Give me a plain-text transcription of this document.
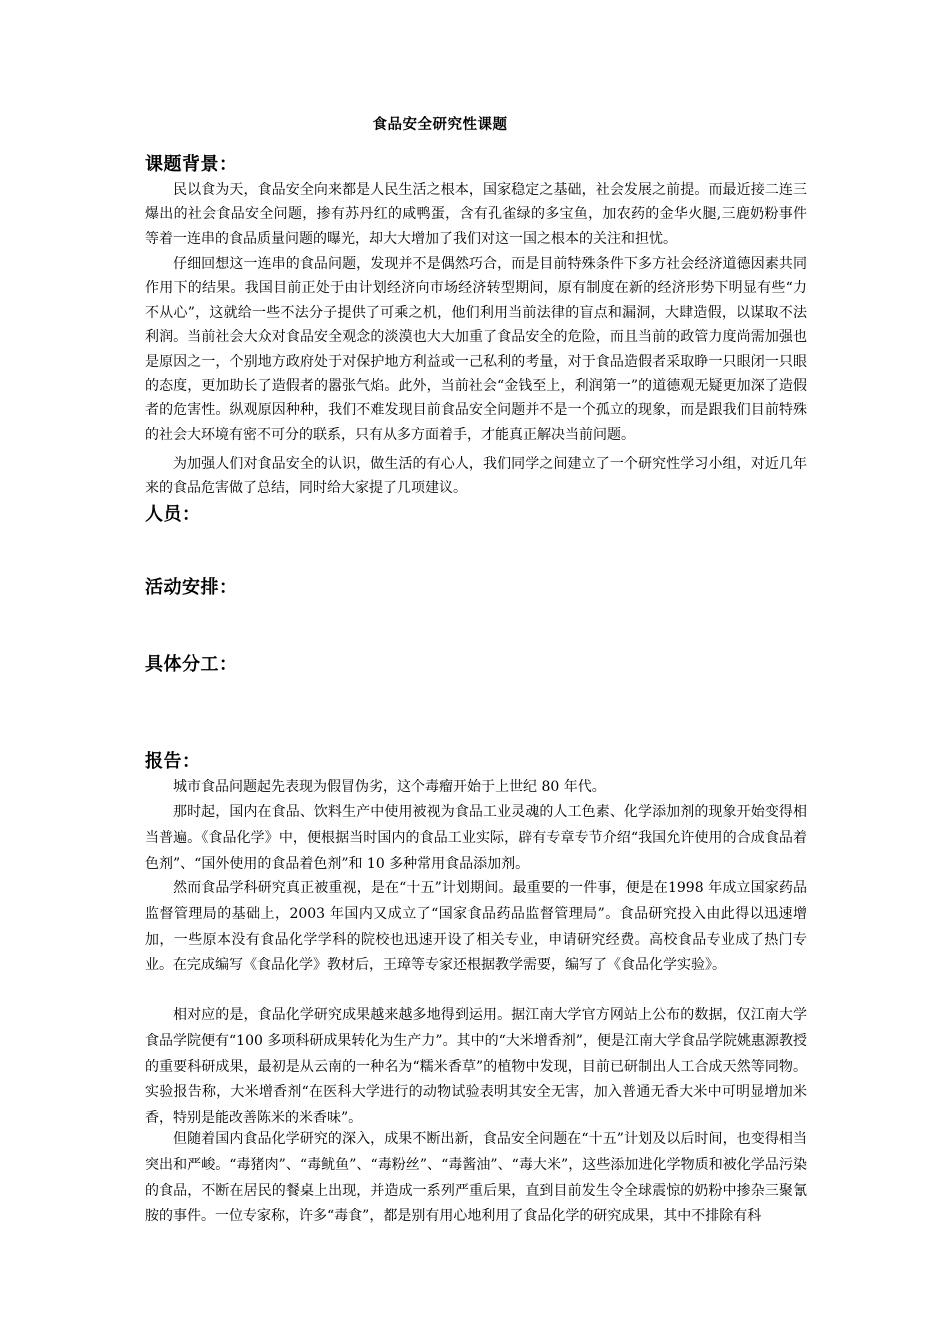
食品安全研究性课题
课题背景：

民以食为天，食品安全向来都是人民生活之根本，国家稳定之基础，社会发展之前提。而最近接二连三爆出的社会食品安全问题，掺有苏丹红的咸鸭蛋，含有孔雀绿的多宝鱼，加农药的金华火腿,三鹿奶粉事件等着一连串的食品质量问题的曝光，却大大增加了我们对这一国之根本的关注和担忧。

仔细回想这一连串的食品问题，发现并不是偶然巧合，而是目前特殊条件下多方社会经济道德因素共同作用下的结果。我国目前正处于由计划经济向市场经济转型期间，原有制度在新的经济形势下明显有些“力不从心”，这就给一些不法分子提供了可乘之机，他们利用当前法律的盲点和漏洞，大肆造假，以谋取不法利润。当前社会大众对食品安全观念的淡漠也大大加重了食品安全的危险，而且当前的政管力度尚需加强也是原因之一，个别地方政府处于对保护地方利益或一己私利的考量，对于食品造假者采取睁一只眼闭一只眼的态度，更加助长了造假者的嚣张气焰。此外，当前社会“金钱至上，利润第一”的道德观无疑更加深了造假者的危害性。纵观原因种种，我们不难发现目前食品安全问题并不是一个孤立的现象，而是跟我们目前特殊的社会大环境有密不可分的联系，只有从多方面着手，才能真正解决当前问题。

为加强人们对食品安全的认识，做生活的有心人，我们同学之间建立了一个研究性学习小组，对近几年来的食品危害做了总结，同时给大家提了几项建议。

人员：
活动安排：
具体分工：
报告：

城市食品问题起先表现为假冒伪劣，这个毒瘤开始于上世纪 80 年代。

那时起，国内在食品、饮料生产中使用被视为食品工业灵魂的人工色素、化学添加剂的现象开始变得相当普遍。《食品化学》中，便根据当时国内的食品工业实际，辟有专章专节介绍“我国允许使用的合成食品着色剂”、“国外使用的食品着色剂”和 10 多种常用食品添加剂。

然而食品学科研究真正被重视，是在“十五”计划期间。最重要的一件事，便是在1998 年成立国家药品监督管理局的基础上，2003 年国内又成立了“国家食品药品监督管理局”。食品研究投入由此得以迅速增加，一些原本没有食品化学学科的院校也迅速开设了相关专业，申请研究经费。高校食品专业成了热门专业。在完成编写《食品化学》教材后，王璋等专家还根据教学需要，编写了《食品化学实验》。

相对应的是，食品化学研究成果越来越多地得到运用。据江南大学官方网站上公布的数据，仅江南大学食品学院便有“100 多项科研成果转化为生产力”。其中的“大米增香剂”，便是江南大学食品学院姚惠源教授的重要科研成果，最初是从云南的一种名为“糯米香草”的植物中发现，目前已研制出人工合成天然等同物。实验报告称，大米增香剂“在医科大学进行的动物试验表明其安全无害，加入普通无香大米中可明显增加米香，特别是能改善陈米的米香味”。

但随着国内食品化学研究的深入，成果不断出新，食品安全问题在“十五”计划及以后时间，也变得相当突出和严峻。“毒猪肉”、“毒鱿鱼”、“毒粉丝”、“毒酱油”、“毒大米”，这些添加进化学物质和被化学品污染的食品，不断在居民的餐桌上出现，并造成一系列严重后果，直到目前发生令全球震惊的奶粉中掺杂三聚氰胺的事件。一位专家称，许多“毒食”，都是别有用心地利用了食品化学的研究成果，其中不排除有科
